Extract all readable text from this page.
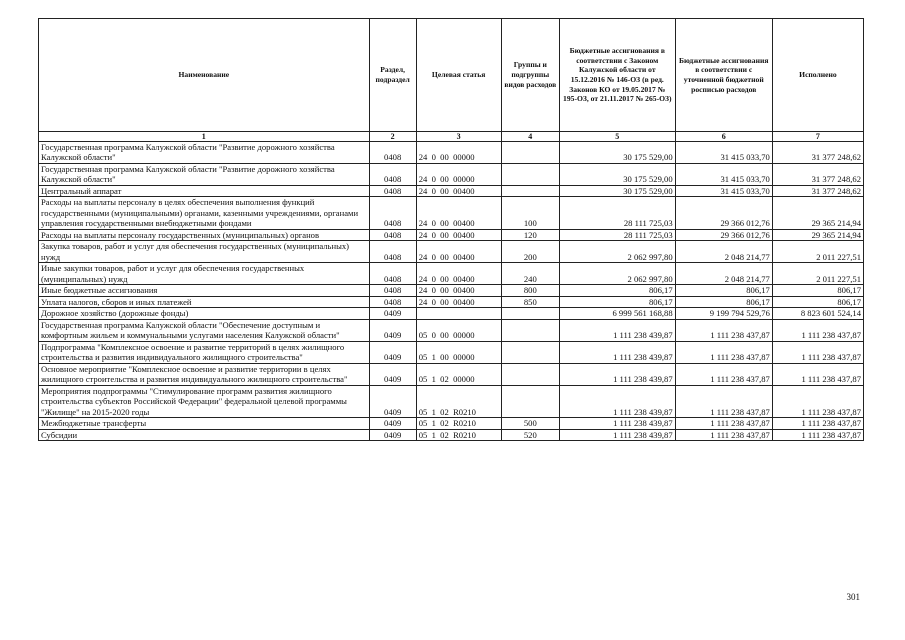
Наименование	Раздел, подраздел	Целевая статья	Группы и подгруппы видов расходов	Бюджетные ассигнования в соответствии с Законом Калужской области от 15.12.2016 № 146-ОЗ (в ред. Законов КО от 19.05.2017 № 195-ОЗ, от 21.11.2017 № 265-ОЗ)	Бюджетные ассигнования в соответствии с уточненной бюджетной росписью расходов	Исполнено
1	2	3	4	5	6	7
Государственная программа Калужской области "Развитие дорожного хозяйства Калужской области"	0408	24  0  00  00000		30 175 529,00	31 415 033,70	31 377 248,62
Государственная программа Калужской области "Развитие дорожного хозяйства Калужской области"	0408	24  0  00  00000		30 175 529,00	31 415 033,70	31 377 248,62
Центральный аппарат	0408	24  0  00  00400		30 175 529,00	31 415 033,70	31 377 248,62
Расходы на выплаты персоналу в целях обеспечения выполнения функций государственными (муниципальными) органами, казенными учреждениями, органами управления государственными внебюджетными фондами	0408	24  0  00  00400	100	28 111 725,03	29 366 012,76	29 365 214,94
Расходы на выплаты персоналу государственных (муниципальных) органов	0408	24  0  00  00400	120	28 111 725,03	29 366 012,76	29 365 214,94
Закупка товаров, работ и услуг для обеспечения государственных (муниципальных) нужд	0408	24  0  00  00400	200	2 062 997,80	2 048 214,77	2 011 227,51
Иные закупки товаров, работ и услуг для обеспечения государственных (муниципальных) нужд	0408	24  0  00  00400	240	2 062 997,80	2 048 214,77	2 011 227,51
Иные бюджетные ассигнования	0408	24  0  00  00400	800	806,17	806,17	806,17
Уплата налогов, сборов и иных платежей	0408	24  0  00  00400	850	806,17	806,17	806,17
Дорожное хозяйство (дорожные фонды)	0409			6 999 561 168,88	9 199 794 529,76	8 823 601 524,14
Государственная программа Калужской области "Обеспечение доступным и комфортным жильем и коммунальными услугами населения Калужской области"	0409	05  0  00  00000		1 111 238 439,87	1 111 238 437,87	1 111 238 437,87
Подпрограмма "Комплексное освоение и развитие территорий в целях жилищного строительства и развития индивидуального жилищного строительства"	0409	05  1  00  00000		1 111 238 439,87	1 111 238 437,87	1 111 238 437,87
Основное мероприятие "Комплексное освоение и развитие территории в целях жилищного строительства и развития индивидуального жилищного строительства"	0409	05  1  02  00000		1 111 238 439,87	1 111 238 437,87	1 111 238 437,87
Мероприятия подпрограммы "Стимулирование программ развития жилищного строительства субъектов Российской Федерации" федеральной целевой программы "Жилище" на 2015-2020 годы	0409	05  1  02  R0210		1 111 238 439,87	1 111 238 437,87	1 111 238 437,87
Межбюджетные трансферты	0409	05  1  02  R0210	500	1 111 238 439,87	1 111 238 437,87	1 111 238 437,87
Субсидии	0409	05  1  02  R0210	520	1 111 238 439,87	1 111 238 437,87	1 111 238 437,87
301
